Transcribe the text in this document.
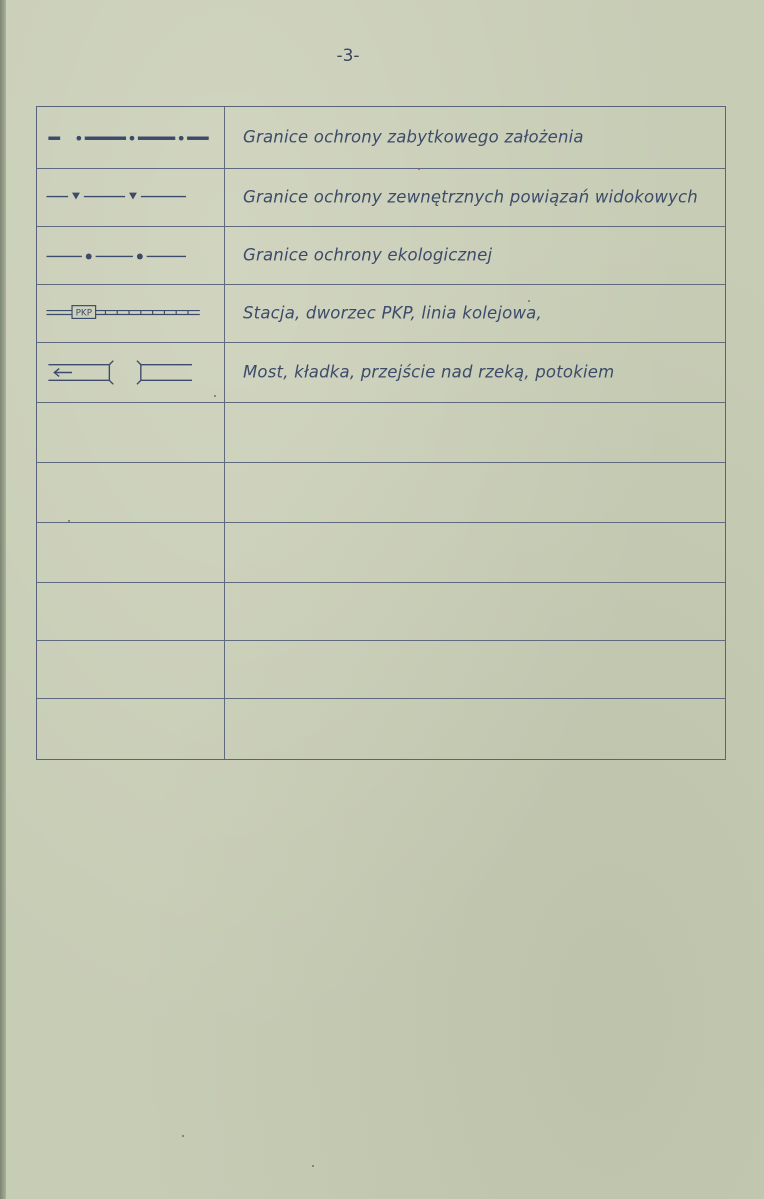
-3-
Granice ochrony zabytkowego założenia
Granice ochrony zewnętrznych powiązań widokowych
Granice ochrony ekologicznej
PKP	Stacja, dworzec PKP, linia kolejowa,
Most, kładka, przejście nad rzeką, potokiem
